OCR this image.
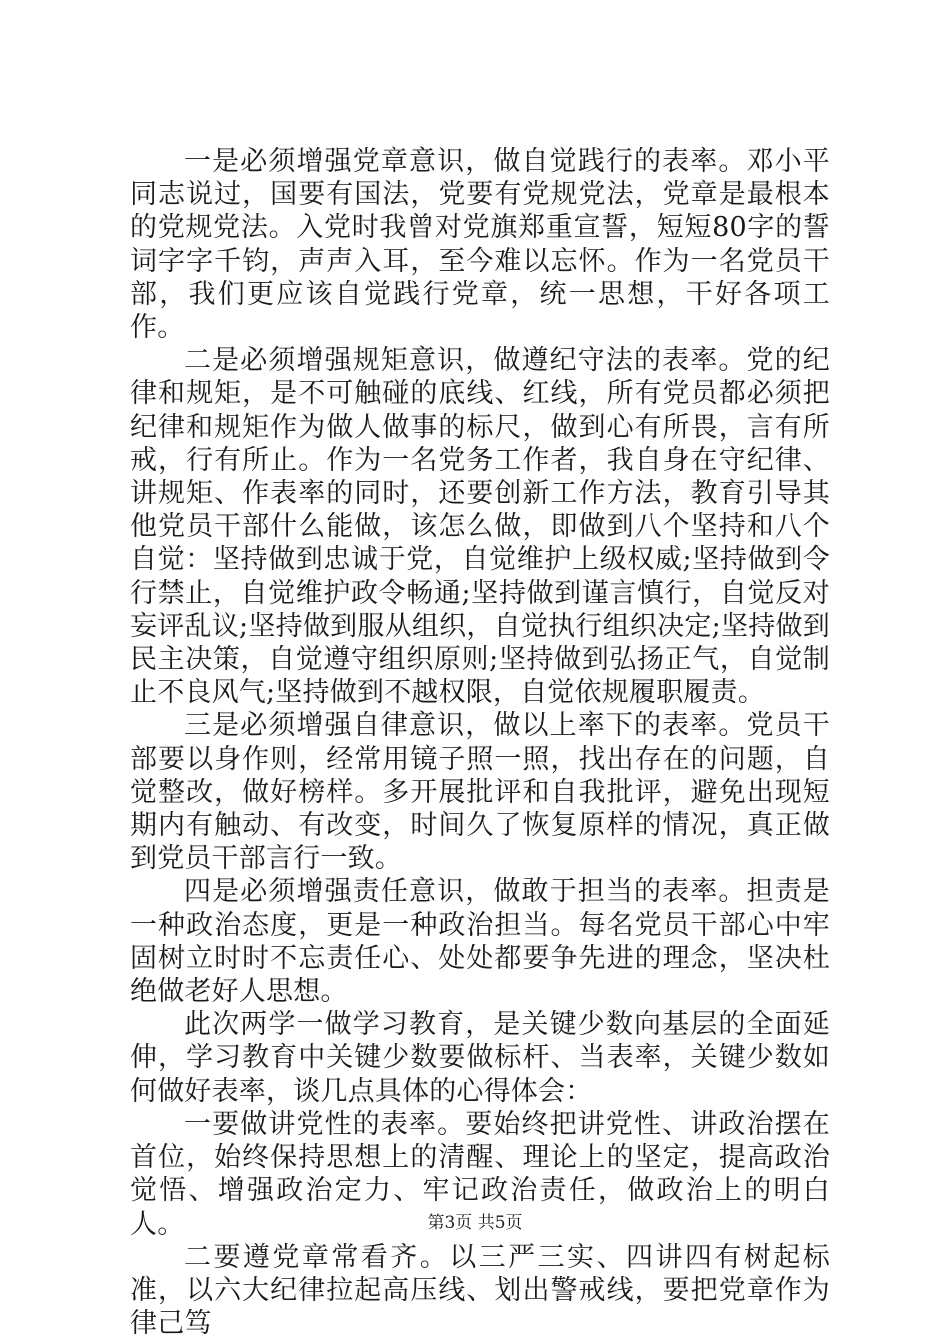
一是必须增强党章意识，做自觉践行的表率。邓小平同志说过，国要有国法，党要有党规党法，党章是最根本的党规党法。入党时我曾对党旗郑重宣誓，短短80字的誓词字字千钧，声声入耳，至今难以忘怀。作为一名党员干部，我们更应该自觉践行党章，统一思想，干好各项工作。

二是必须增强规矩意识，做遵纪守法的表率。党的纪律和规矩，是不可触碰的底线、红线，所有党员都必须把纪律和规矩作为做人做事的标尺，做到心有所畏，言有所戒，行有所止。作为一名党务工作者，我自身在守纪律、讲规矩、作表率的同时，还要创新工作方法，教育引导其他党员干部什么能做，该怎么做，即做到八个坚持和八个自觉：坚持做到忠诚于党，自觉维护上级权威;坚持做到令行禁止，自觉维护政令畅通;坚持做到谨言慎行，自觉反对妄评乱议;坚持做到服从组织，自觉执行组织决定;坚持做到民主决策，自觉遵守组织原则;坚持做到弘扬正气，自觉制止不良风气;坚持做到不越权限，自觉依规履职履责。

三是必须增强自律意识，做以上率下的表率。党员干部要以身作则，经常用镜子照一照，找出存在的问题，自觉整改，做好榜样。多开展批评和自我批评，避免出现短期内有触动、有改变，时间久了恢复原样的情况，真正做到党员干部言行一致。

四是必须增强责任意识，做敢于担当的表率。担责是一种政治态度，更是一种政治担当。每名党员干部心中牢固树立时时不忘责任心、处处都要争先进的理念，坚决杜绝做老好人思想。

此次两学一做学习教育，是关键少数向基层的全面延伸，学习教育中关键少数要做标杆、当表率，关键少数如何做好表率，谈几点具体的心得体会：

一要做讲党性的表率。要始终把讲党性、讲政治摆在首位，始终保持思想上的清醒、理论上的坚定，提高政治觉悟、增强政治定力、牢记政治责任，做政治上的明白人。

二要遵党章常看齐。以三严三实、四讲四有树起标准，以六大纪律拉起高压线、划出警戒线，要把党章作为律己笃

第3页 共5页
